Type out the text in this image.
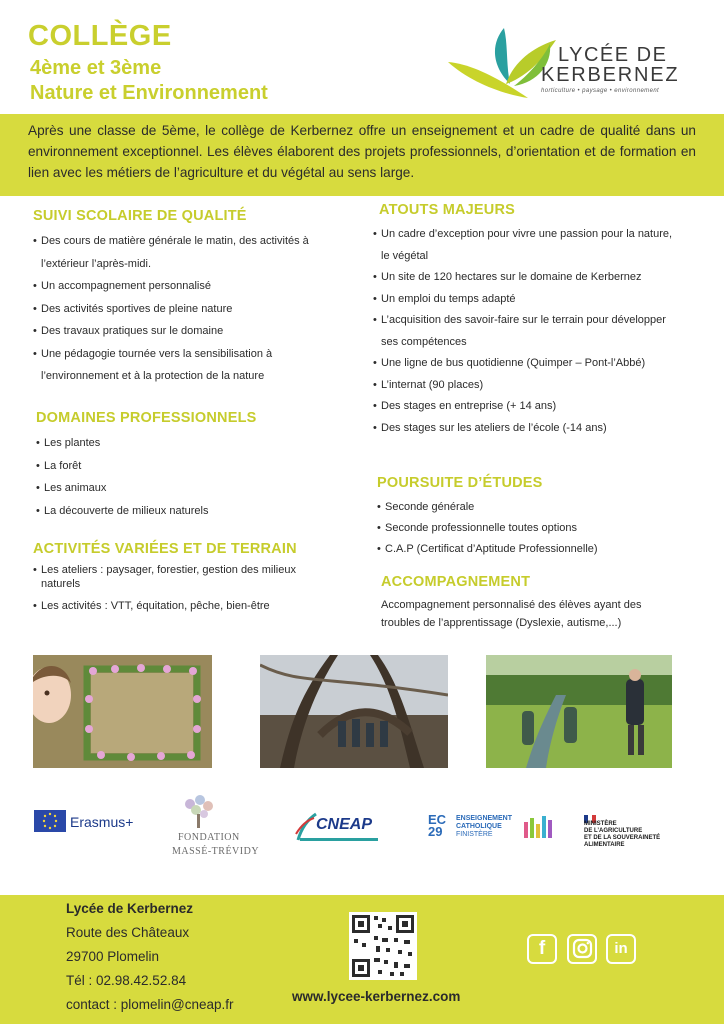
COLLÈGE
4ème et 3ème
Nature et Environnement
LYCÉE DE
KERBERNEZ
horticulture • paysage • environnement

Après une classe de 5ème, le collège de Kerbernez offre un enseignement et un cadre de qualité dans un environnement exceptionnel. Les élèves élaborent des projets professionnels, d’orientation et de formation en lien avec les métiers de l’agriculture et du végétal au sens large.

SUIVI SCOLAIRE DE QUALITÉ
• Des cours de matière générale le matin, des activités à l’extérieur l’après-midi.
• Un accompagnement personnalisé
• Des activités sportives de pleine nature
• Des travaux pratiques sur le domaine
• Une pédagogie tournée vers la sensibilisation à l’environnement et à la protection de la nature
DOMAINES PROFESSIONNELS
• Les plantes
• La forêt
• Les animaux
• La découverte de milieux naturels
ACTIVITÉS VARIÉES ET DE TERRAIN
• Les ateliers : paysager, forestier, gestion des milieux naturels
• Les activités : VTT, équitation, pêche, bien-être
ATOUTS MAJEURS
• Un cadre d’exception pour vivre une passion pour la nature, le végétal
• Un site de 120 hectares sur le domaine de Kerbernez
• Un emploi du temps adapté
• L’acquisition des savoir-faire sur le terrain pour développer ses compétences
• Une ligne de bus quotidienne (Quimper – Pont-l’Abbé)
• L’internat (90 places)
• Des stages en entreprise (+ 14 ans)
• Des stages sur les ateliers de l’école (-14 ans)
POURSUITE D’ÉTUDES
• Seconde générale
• Seconde professionnelle toutes options
• C.A.P (Certificat d’Aptitude Professionnelle)
ACCOMPAGNEMENT

Accompagnement personnalisé des élèves ayant des troubles de l’apprentissage (Dyslexie, autisme,...)

Erasmus+
FONDATION
MASSÉ-TRÉVIDY
CNEAP	EC
29
ENSEIGNEMENT
CATHOLIQUE
FINISTÈRE
MINISTÈRE
DE L’AGRICULTURE
ET DE LA SOUVERAINETÉ
ALIMENTAIRE
Lycée de Kerbernez
Route des Châteaux
29700 Plomelin
Tél : 02.98.42.52.84
contact : plomelin@cneap.fr
www.lycee-kerbernez.com
f	in
